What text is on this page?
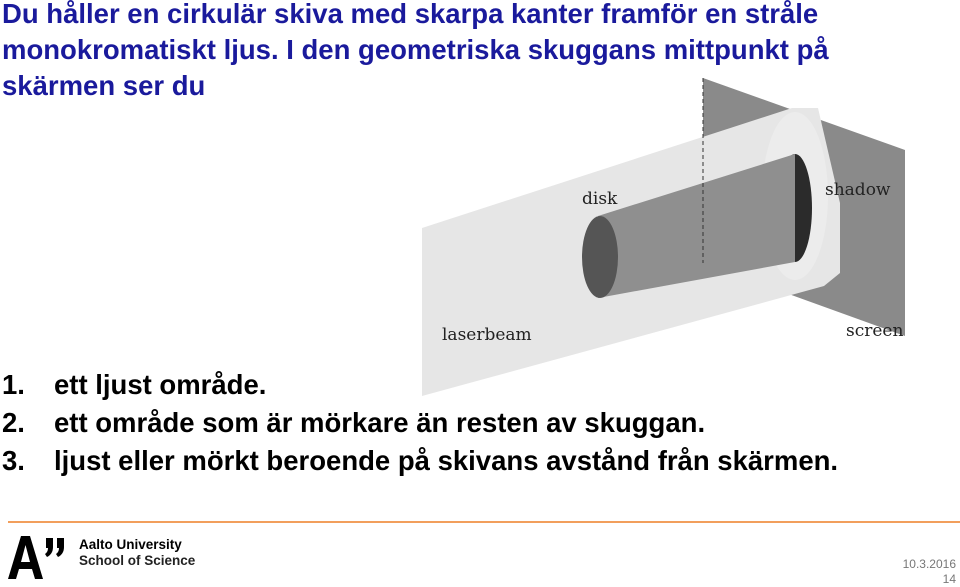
Du håller en cirkulär skiva med skarpa kanter framför en stråle
monokromatiskt ljus. I den geometriska skuggans mittpunkt på
skärmen ser du
disk	shadow
laserbeam	screen
1.	ett ljust område.
2.	ett område som är mörkare än resten av skuggan.
3.	ljust eller mörkt beroende på skivans avstånd från skärmen.
Aalto University
School of Science	10.3.2016
14
